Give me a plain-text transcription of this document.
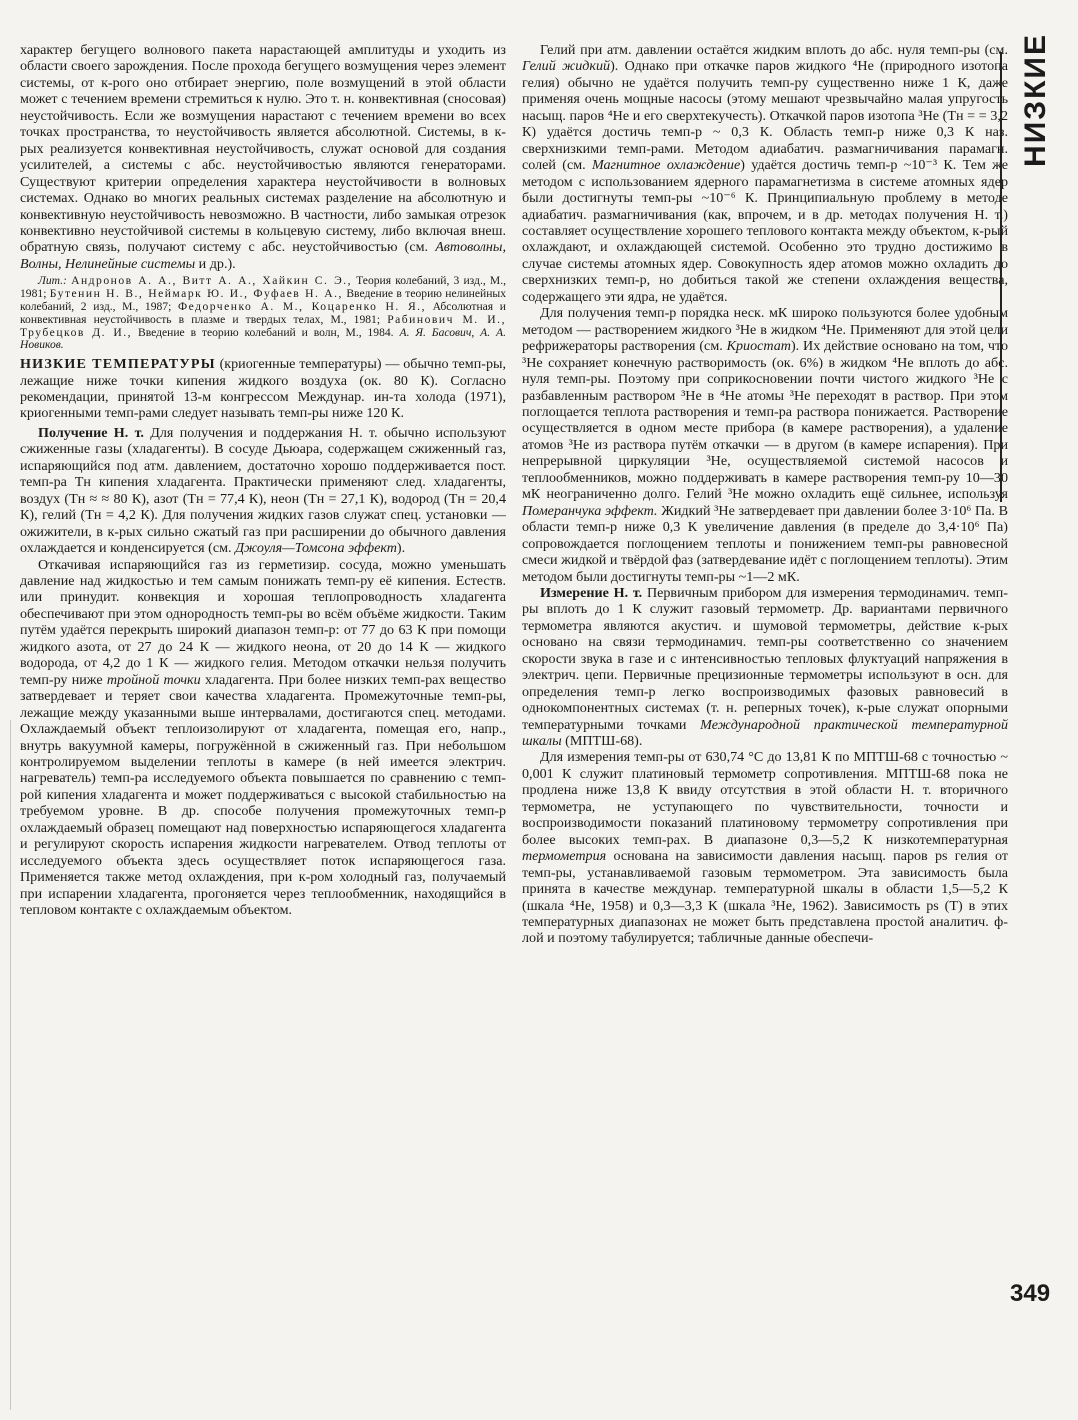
НИЗКИЕ

характер бегущего волнового пакета нарастающей амплитуды и уходить из области своего зарождения. После прохода бегущего возмущения через элемент системы, от к-рого оно отбирает энергию, поле возмущений в этой области может с течением времени стремиться к нулю. Это т. н. конвективная (сносовая) неустойчивость. Если же возмущения нарастают с течением времени во всех точках пространства, то неустойчивость является абсолютной. Системы, в к-рых реализуется конвективная неустойчивость, служат основой для создания усилителей, а системы с абс. неустойчивостью являются генераторами. Существуют критерии определения характера неустойчивости в волновых системах. Однако во многих реальных системах разделение на абсолютную и конвективную неустойчивость невозможно. В частности, либо замыкая отрезок конвективно неустойчивой системы в кольцевую систему, либо включая внеш. обратную связь, получают систему с абс. неустойчивостью (см. Автоволны, Волны, Нелинейные системы и др.).

Лит.: Андронов А. А., Витт А. А., Хайкин С. Э., Теория колебаний, 3 изд., М., 1981; Бутенин Н. В., Неймарк Ю. И., Фуфаев Н. А., Введение в теорию нелинейных колебаний, 2 изд., М., 1987; Федорченко А. М., Коцаренко Н. Я., Абсолютная и конвективная неустойчивость в плазме и твердых телах, М., 1981; Рабинович М. И., Трубецков Д. И., Введение в теорию колебаний и волн, М., 1984. А. Я. Басович, А. А. Новиков.

НИЗКИЕ ТЕМПЕРАТУРЫ (криогенные температуры) — обычно темп-ры, лежащие ниже точки кипения жидкого воздуха (ок. 80 К). Согласно рекомендации, принятой 13-м конгрессом Междунар. ин-та холода (1971), криогенными темп-рами следует называть темп-ры ниже 120 К.

Получение Н. т. Для получения и поддержания Н. т. обычно используют сжиженные газы (хладагенты). В сосуде Дьюара, содержащем сжиженный газ, испаряющийся под атм. давлением, достаточно хорошо поддерживается пост. темп-ра Tн кипения хладагента. Практически применяют след. хладагенты, воздух (Tн ≈ ≈ 80 К), азот (Tн = 77,4 К), неон (Tн = 27,1 К), водород (Tн = 20,4 К), гелий (Tн = 4,2 К). Для получения жидких газов служат спец. установки — ожижители, в к-рых сильно сжатый газ при расширении до обычного давления охлаждается и конденсируется (см. Джоуля—Томсона эффект).

Откачивая испаряющийся газ из герметизир. сосуда, можно уменьшать давление над жидкостью и тем самым понижать темп-ру её кипения. Естеств. или принудит. конвекция и хорошая теплопроводность хладагента обеспечивают при этом однородность темп-ры во всём объёме жидкости. Таким путём удаётся перекрыть широкий диапазон темп-р: от 77 до 63 К при помощи жидкого азота, от 27 до 24 К — жидкого неона, от 20 до 14 К — жидкого водорода, от 4,2 до 1 К — жидкого гелия. Методом откачки нельзя получить темп-ру ниже тройной точки хладагента. При более низких темп-рах вещество затвердевает и теряет свои качества хладагента. Промежуточные темп-ры, лежащие между указанными выше интервалами, достигаются спец. методами. Охлаждаемый объект теплоизолируют от хладагента, помещая его, напр., внутрь вакуумной камеры, погружённой в сжиженный газ. При небольшом контролируемом выделении теплоты в камере (в ней имеется электрич. нагреватель) темп-ра исследуемого объекта повышается по сравнению с темп-рой кипения хладагента и может поддерживаться с высокой стабильностью на требуемом уровне. В др. способе получения промежуточных темп-р охлаждаемый образец помещают над поверхностью испаряющегося хладагента и регулируют скорость испарения жидкости нагревателем. Отвод теплоты от исследуемого объекта здесь осуществляет поток испаряющегося газа. Применяется также метод охлаждения, при к-ром холодный газ, получаемый при испарении хладагента, прогоняется через теплообменник, находящийся в тепловом контакте с охлаждаемым объектом.

Гелий при атм. давлении остаётся жидким вплоть до абс. нуля темп-ры (см. Гелий жидкий). Однако при откачке паров жидкого ⁴He (природного изотопа гелия) обычно не удаётся получить темп-ру существенно ниже 1 К, даже применяя очень мощные насосы (этому мешают чрезвычайно малая упругость насыщ. паров ⁴He и его сверхтекучесть). Откачкой паров изотопа ³He (Tн = = 3,2 К) удаётся достичь темп-р ~ 0,3 К. Область темп-р ниже 0,3 К наз. сверхнизкими темп-рами. Методом адиабатич. размагничивания парамагн. солей (см. Магнитное охлаждение) удаётся достичь темп-р ~10⁻³ К. Тем же методом с использованием ядерного парамагнетизма в системе атомных ядер были достигнуты темп-ры ~10⁻⁶ К. Принципиальную проблему в методе адиабатич. размагничивания (как, впрочем, и в др. методах получения Н. т.) составляет осуществление хорошего теплового контакта между объектом, к-рый охлаждают, и охлаждающей системой. Особенно это трудно достижимо в случае системы атомных ядер. Совокупность ядер атомов можно охладить до сверхнизких темп-р, но добиться такой же степени охлаждения вещества, содержащего эти ядра, не удаётся.

Для получения темп-р порядка неск. мК широко пользуются более удобным методом — растворением жидкого ³He в жидком ⁴He. Применяют для этой цели рефрижераторы растворения (см. Криостат). Их действие основано на том, что ³He сохраняет конечную растворимость (ок. 6%) в жидком ⁴He вплоть до абс. нуля темп-ры. Поэтому при соприкосновении почти чистого жидкого ³He с разбавленным раствором ³He в ⁴He атомы ³He переходят в раствор. При этом поглощается теплота растворения и темп-ра раствора понижается. Растворение осуществляется в одном месте прибора (в камере растворения), а удаление атомов ³He из раствора путём откачки — в другом (в камере испарения). При непрерывной циркуляции ³He, осуществляемой системой насосов и теплообменников, можно поддерживать в камере растворения темп-ру 10—30 мК неограниченно долго. Гелий ³He можно охладить ещё сильнее, используя Померанчука эффект. Жидкий ³He затвердевает при давлении более 3·10⁶ Па. В области темп-р ниже 0,3 К увеличение давления (в пределе до 3,4·10⁶ Па) сопровождается поглощением теплоты и понижением темп-ры равновесной смеси жидкой и твёрдой фаз (затвердевание идёт с поглощением теплоты). Этим методом были достигнуты темп-ры ~1—2 мК.

Измерение Н. т. Первичным прибором для измерения термодинамич. темп-ры вплоть до 1 К служит газовый термометр. Др. вариантами первичного термометра являются акустич. и шумовой термометры, действие к-рых основано на связи термодинамич. темп-ры соответственно со значением скорости звука в газе и с интенсивностью тепловых флуктуаций напряжения в электрич. цепи. Первичные прецизионные термометры используют в осн. для определения темп-р легко воспроизводимых фазовых равновесий в однокомпонентных системах (т. н. реперных точек), к-рые служат опорными температурными точками Международной практической температурной шкалы (МПТШ-68).

Для измерения темп-ры от 630,74 °С до 13,81 К по МПТШ-68 с точностью ~ 0,001 К служит платиновый термометр сопротивления. МПТШ-68 пока не продлена ниже 13,8 К ввиду отсутствия в этой области Н. т. вторичного термометра, не уступающего по чувствительности, точности и воспроизводимости показаний платиновому термометру сопротивления при более высоких темп-рах. В диапазоне 0,3—5,2 К низкотемпературная термометрия основана на зависимости давления насыщ. паров ps гелия от темп-ры, устанавливаемой газовым термометром. Эта зависимость была принята в качестве междунар. температурной шкалы в области 1,5—5,2 К (шкала ⁴He, 1958) и 0,3—3,3 К (шкала ³He, 1962). Зависимость ps (T) в этих температурных диапазонах не может быть представлена простой аналитич. ф-лой и поэтому табулируется; табличные данные обеспечи-

349
